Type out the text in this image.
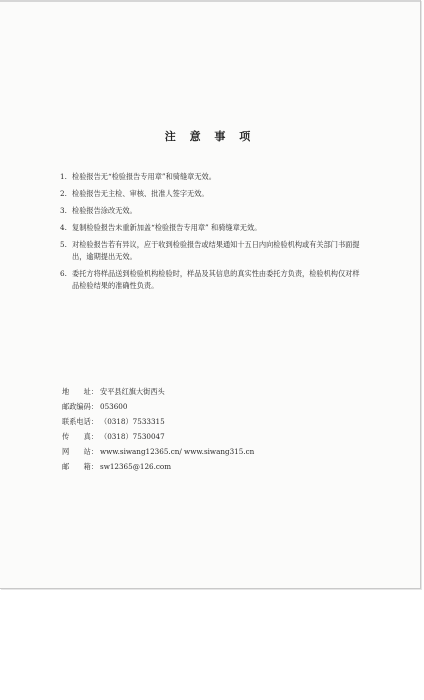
注 意 事 项
1. 检验报告无“检验报告专用章”和骑缝章无效。
2. 检验报告无主检、审核、批准人签字无效。
3. 检验报告涂改无效。
4. 复制检验报告未重新加盖“检验报告专用章” 和骑缝章无效。
5. 对检验报告若有异议，应于收到检验报告或结果通知十五日内向检验机构或有关部门书面提出，逾期提出无效。
6. 委托方将样品送到检验机构检验时，样品及其信息的真实性由委托方负责，检验机构仅对样品检验结果的准确性负责。
地　　址： 安平县红旗大街西头
邮政编码： 053600
联系电话： （0318）7533315
传　　真： （0318）7530047
网　　站： www.siwang12365.cn/ www.siwang315.cn
邮　　箱： sw12365@126.com
